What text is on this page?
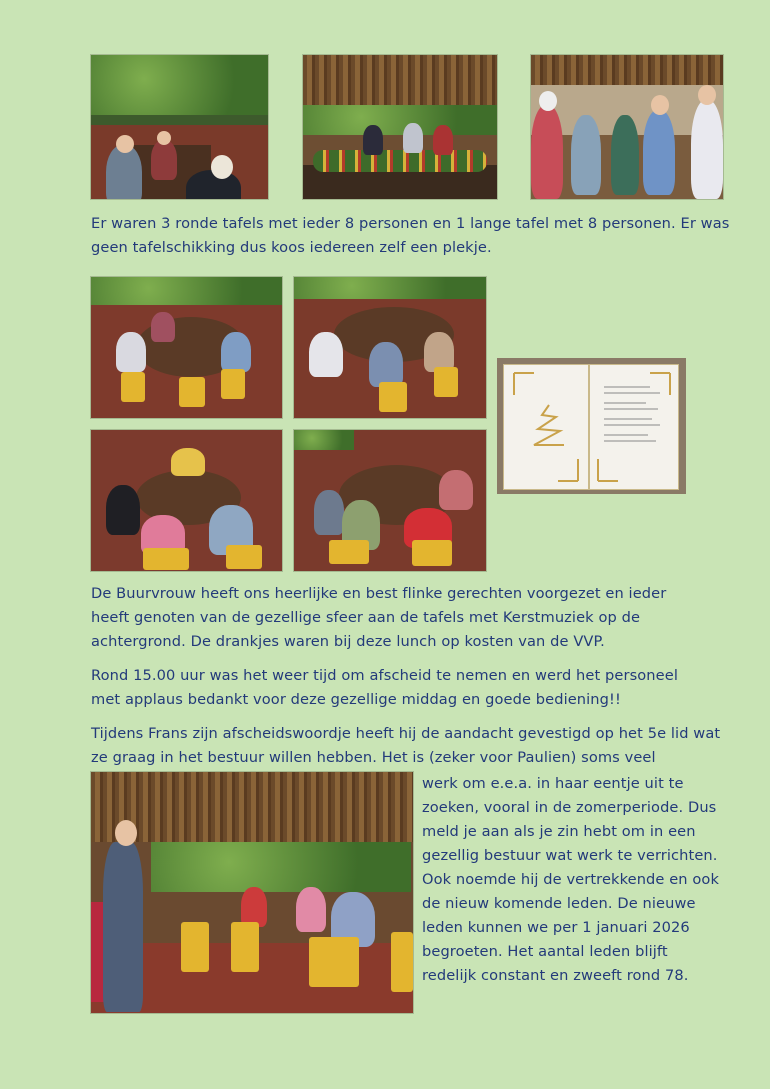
Er waren 3 ronde tafels met ieder 8 personen en 1 lange tafel met 8 personen. Er was geen tafelschikking dus koos iedereen zelf een plekje.

De Buurvrouw heeft ons heerlijke en best flinke gerechten voorgezet en ieder heeft genoten van de gezellige sfeer aan de tafels met Kerstmuziek op de achtergrond. De drankjes waren bij deze lunch op kosten van de VVP.

Rond 15.00 uur was het weer tijd om afscheid te nemen en werd het personeel met applaus bedankt voor deze gezellige middag en goede bediening!!

Tijdens Frans zijn afscheidswoordje heeft hij de aandacht gevestigd op het 5e lid wat ze graag in het bestuur willen hebben. Het is (zeker voor Paulien) soms veel

werk om e.e.a. in haar eentje uit te zoeken, vooral in de zomerperiode. Dus meld je aan als je zin hebt om in een gezellig bestuur wat werk te verrichten. Ook noemde hij de vertrekkende en ook de nieuw komende leden. De nieuwe leden kunnen we per 1 januari 2026 begroeten. Het aantal leden blijft redelijk constant en zweeft rond 78.
